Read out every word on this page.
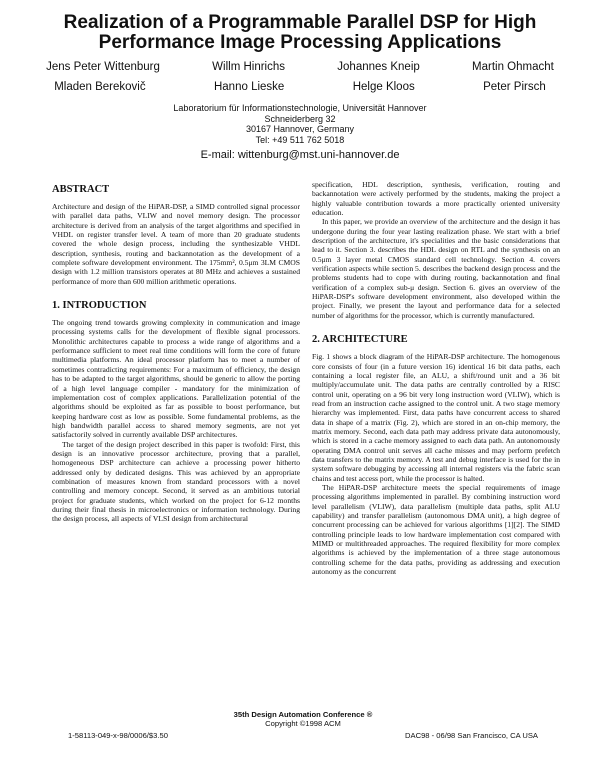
Realization of a Programmable Parallel DSP for High Performance Image Processing Applications
Jens Peter Wittenburg	Willm Hinrichs	Johannes Kneip	Martin Ohmacht
Mladen Berekovič	Hanno Lieske	Helge Kloos	Peter Pirsch
Laboratorium für Informationstechnologie, Universität Hannover
Schneiderberg 32
30167 Hannover, Germany
Tel: +49 511 762 5018
E-mail: wittenburg@mst.uni-hannover.de
ABSTRACT

Architecture and design of the HiPAR-DSP, a SIMD controlled signal processor with parallel data paths, VLIW and novel memory design. The processor architecture is derived from an analysis of the target algorithms and specified in VHDL on register transfer level. A team of more than 20 graduate students covered the whole design process, including the synthesizable VHDL description, synthesis, routing and backannotation as the development of a complete software development environment. The 175mm², 0.5μm 3LM CMOS design with 1.2 million transistors operates at 80 MHz and achieves a sustained performance of more than 600 million arithmetic operations.

1. INTRODUCTION

The ongoing trend towards growing complexity in communication and image processing systems calls for the development of flexible signal processors. Monolithic architectures capable to process a wide range of algorithms and a performance sufficient to meet real time conditions will form the core of future multimedia platforms. An ideal processor platform has to meet a number of sometimes contradicting requirements: For a maximum of efficiency, the design has to be adapted to the target algorithms, should be generic to allow the porting of a high level language compiler - mandatory for the minimization of implementation cost of complex applications. Parallelization potential of the algorithms should be exploited as far as possible to boost performance, but keeping hardware cost as low as possible. Some fundamental problems, as the high bandwidth parallel access to shared memory segments, are not yet satisfactorily solved in currently available DSP architectures.

The target of the design project described in this paper is twofold: First, this design is an innovative processor architecture, proving that a parallel, homogeneous DSP architecture can achieve a processing power hitherto addressed only by dedicated designs. This was achieved by an appropriate combination of measures known from standard processors with a novel controlling and memory concept. Second, it served as an ambitious tutorial project for graduate students, which worked on the project for 6-12 months during their final thesis in microelectronics or information technology. During the design process, all aspects of VLSI design from architectural

specification, HDL description, synthesis, verification, routing and backannotation were actively performed by the students, making the project a highly valuable contribution towards a more practically oriented university education.

In this paper, we provide an overview of the architecture and the design it has undergone during the four year lasting realization phase. We start with a brief description of the architecture, it's specialities and the basic considerations that lead to it. Section 3. describes the HDL design on RTL and the synthesis on an 0.5μm 3 layer metal CMOS standard cell technology. Section 4. covers verification aspects while section 5. describes the backend design process and the problems students had to cope with during routing, backannotation and final verification of a complex sub-μ design. Section 6. gives an overview of the HiPAR-DSP's software development environment, also developed within the project. Finally, we present the layout and performance data for a selected number of algorithms for the processor, which is currently manufactured.

2. ARCHITECTURE

Fig. 1 shows a block diagram of the HiPAR-DSP architecture. The homogenous core consists of four (in a future version 16) identical 16 bit data paths, each containing a local register file, an ALU, a shift/round unit and a 36 bit multiply/accumulate unit. The data paths are centrally controlled by a RISC control unit, operating on a 96 bit very long instruction word (VLIW), which is read from an instruction cache assigned to the control unit. A two stage memory hierarchy was implemented. First, data paths have concurrent access to shared data in shape of a matrix (Fig. 2), which are stored in an on-chip memory, the matrix memory. Second, each data path may address private data autonomously, which is stored in a cache memory assigned to each data path. An autonomously operating DMA control unit serves all cache misses and may perform prefetch data transfers to the matrix memory. A test and debug interface is used for the in system software debugging by accessing all internal registers via the fabric scan chains and test access port, while the processor is halted.

The HiPAR-DSP architecture meets the special requirements of image processing algorithms implemented in parallel. By combining instruction word level parallelism (VLIW), data parallelism (multiple data paths, split ALU capability) and transfer parallelism (autonomous DMA unit), a high degree of concurrent processing can be achieved for various algorithms [1][2]. The SIMD controlling principle leads to low hardware implementation cost compared with MIMD or multithreaded approaches. The required flexibility for more complex algorithms is achieved by the implementation of a three stage autonomous controlling scheme for the data paths, providing as addressing and execution autonomy as the concurrent

35th Design Automation Conference ®
Copyright ©1998 ACM
1-58113-049-x-98/0006/$3.50	DAC98 - 06/98 San Francisco, CA USA
